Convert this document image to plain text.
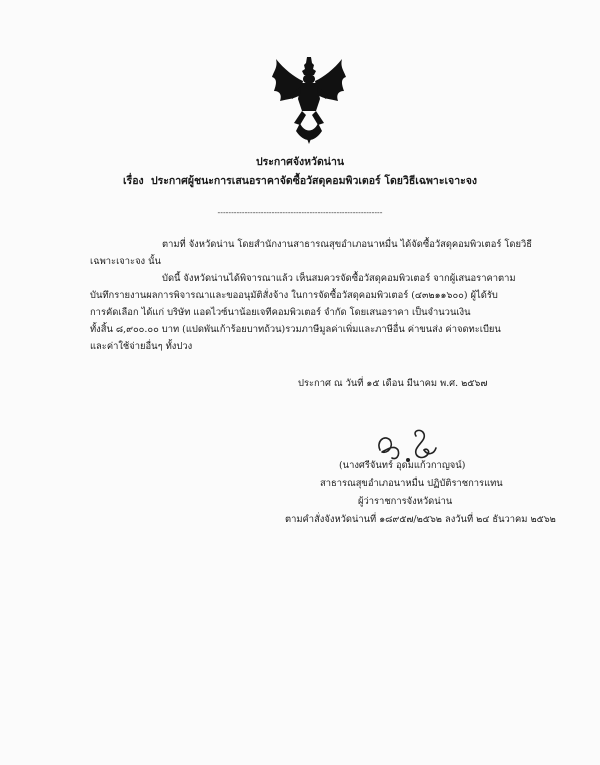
ประกาศจังหวัดน่าน
เรื่อง ประกาศผู้ชนะการเสนอราคาจัดซื้อวัสดุคอมพิวเตอร์ โดยวิธีเฉพาะเจาะจง
-------------------------------------------------------------
ตามที่ จังหวัดน่าน โดยสำนักงานสาธารณสุขอำเภอนาหมื่น ได้จัดซื้อวัสดุคอมพิวเตอร์ โดยวิธี
เฉพาะเจาะจง นั้น
บัดนี้ จังหวัดน่านได้พิจารณาแล้ว เห็นสมควรจัดซื้อวัสดุคอมพิวเตอร์ จากผู้เสนอราคาตาม
บันทึกรายงานผลการพิจารณาและขออนุมัติสั่งจ้าง ในการจัดซื้อวัสดุคอมพิวเตอร์ (๔๓๒๑๑๖๐๐) ผู้ได้รับ
การคัดเลือก ได้แก่ บริษัท แอดไวซ์นาน้อยเจทีคอมพิวเตอร์ จำกัด โดยเสนอราคา เป็นจำนวนเงิน
ทั้งสิ้น ๘,๙๐๐.๐๐ บาท (แปดพันเก้าร้อยบาทถ้วน)รวมภาษีมูลค่าเพิ่มและภาษีอื่น ค่าขนส่ง ค่าจดทะเบียน
และค่าใช้จ่ายอื่นๆ ทั้งปวง
ประกาศ ณ วันที่ ๑๕ เดือน มีนาคม พ.ศ. ๒๕๖๗
(นางศรีจันทร์ อุดมแก้วกาญจน์)
สาธารณสุขอำเภอนาหมื่น ปฏิบัติราชการแทน
ผู้ว่าราชการจังหวัดน่าน
ตามคำสั่งจังหวัดน่านที่ ๑๘๙๕๗/๒๕๖๒ ลงวันที่ ๒๔ ธันวาคม ๒๕๖๒
